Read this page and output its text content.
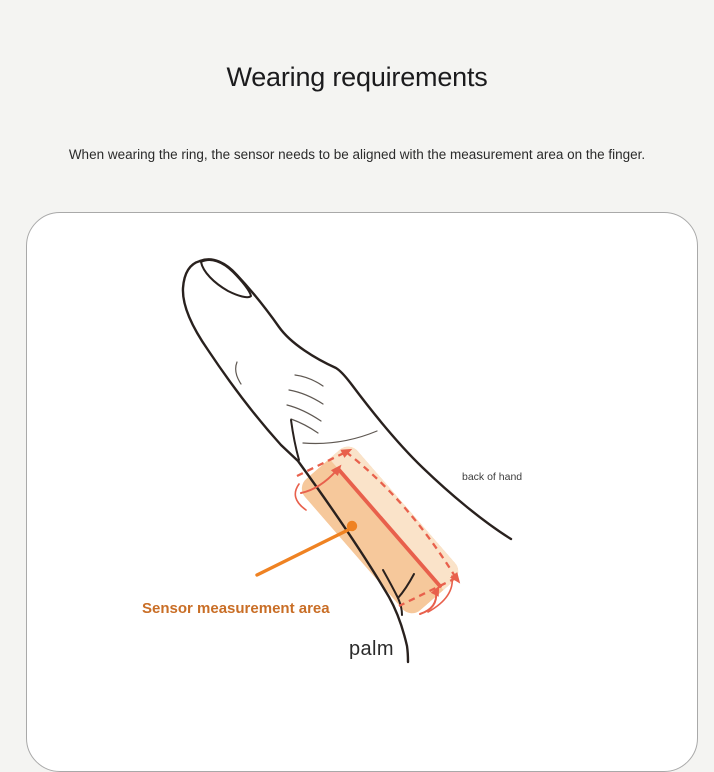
Wearing requirements

When wearing the ring, the sensor needs to be aligned with the measurement area on the finger.

Sensor measurement area
back of hand
palm
